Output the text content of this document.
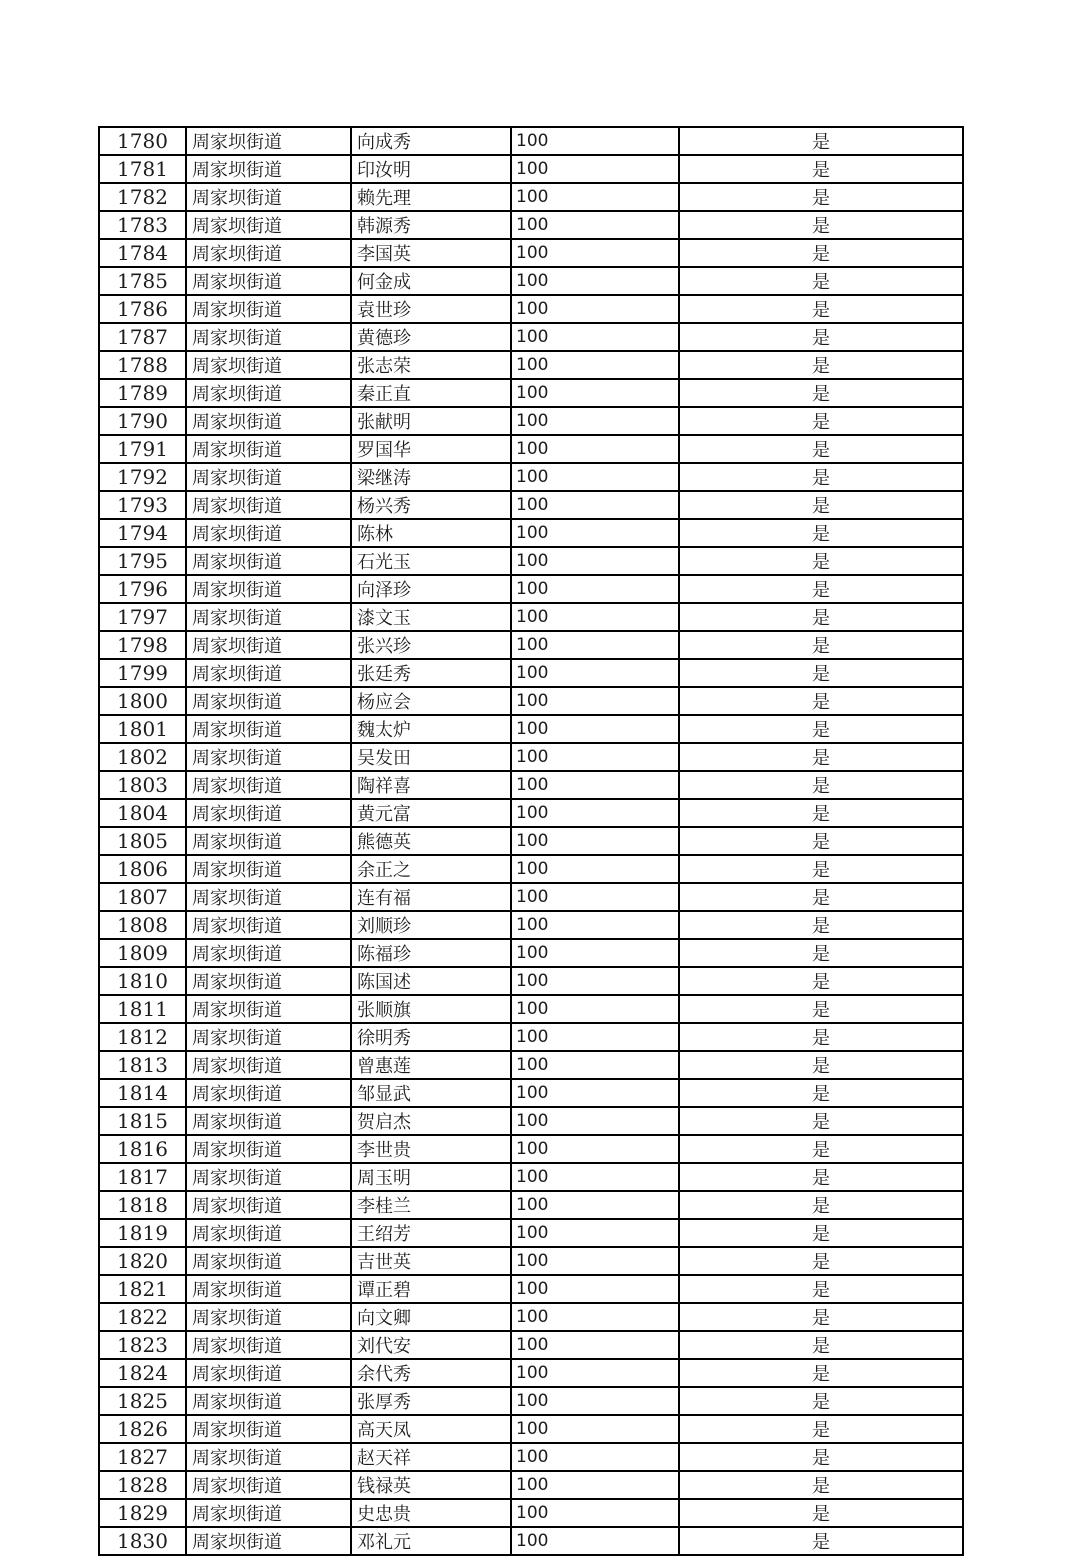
1780	周家坝街道	向成秀	100	是
1781	周家坝街道	印汝明	100	是
1782	周家坝街道	赖先理	100	是
1783	周家坝街道	韩源秀	100	是
1784	周家坝街道	李国英	100	是
1785	周家坝街道	何金成	100	是
1786	周家坝街道	袁世珍	100	是
1787	周家坝街道	黄德珍	100	是
1788	周家坝街道	张志荣	100	是
1789	周家坝街道	秦正直	100	是
1790	周家坝街道	张献明	100	是
1791	周家坝街道	罗国华	100	是
1792	周家坝街道	梁继涛	100	是
1793	周家坝街道	杨兴秀	100	是
1794	周家坝街道	陈林	100	是
1795	周家坝街道	石光玉	100	是
1796	周家坝街道	向泽珍	100	是
1797	周家坝街道	漆文玉	100	是
1798	周家坝街道	张兴珍	100	是
1799	周家坝街道	张廷秀	100	是
1800	周家坝街道	杨应会	100	是
1801	周家坝街道	魏太炉	100	是
1802	周家坝街道	吴发田	100	是
1803	周家坝街道	陶祥喜	100	是
1804	周家坝街道	黄元富	100	是
1805	周家坝街道	熊德英	100	是
1806	周家坝街道	余正之	100	是
1807	周家坝街道	连有福	100	是
1808	周家坝街道	刘顺珍	100	是
1809	周家坝街道	陈福珍	100	是
1810	周家坝街道	陈国述	100	是
1811	周家坝街道	张顺旗	100	是
1812	周家坝街道	徐明秀	100	是
1813	周家坝街道	曾惠莲	100	是
1814	周家坝街道	邹显武	100	是
1815	周家坝街道	贺启杰	100	是
1816	周家坝街道	李世贵	100	是
1817	周家坝街道	周玉明	100	是
1818	周家坝街道	李桂兰	100	是
1819	周家坝街道	王绍芳	100	是
1820	周家坝街道	吉世英	100	是
1821	周家坝街道	谭正碧	100	是
1822	周家坝街道	向文卿	100	是
1823	周家坝街道	刘代安	100	是
1824	周家坝街道	余代秀	100	是
1825	周家坝街道	张厚秀	100	是
1826	周家坝街道	高天凤	100	是
1827	周家坝街道	赵天祥	100	是
1828	周家坝街道	钱禄英	100	是
1829	周家坝街道	史忠贵	100	是
1830	周家坝街道	邓礼元	100	是
